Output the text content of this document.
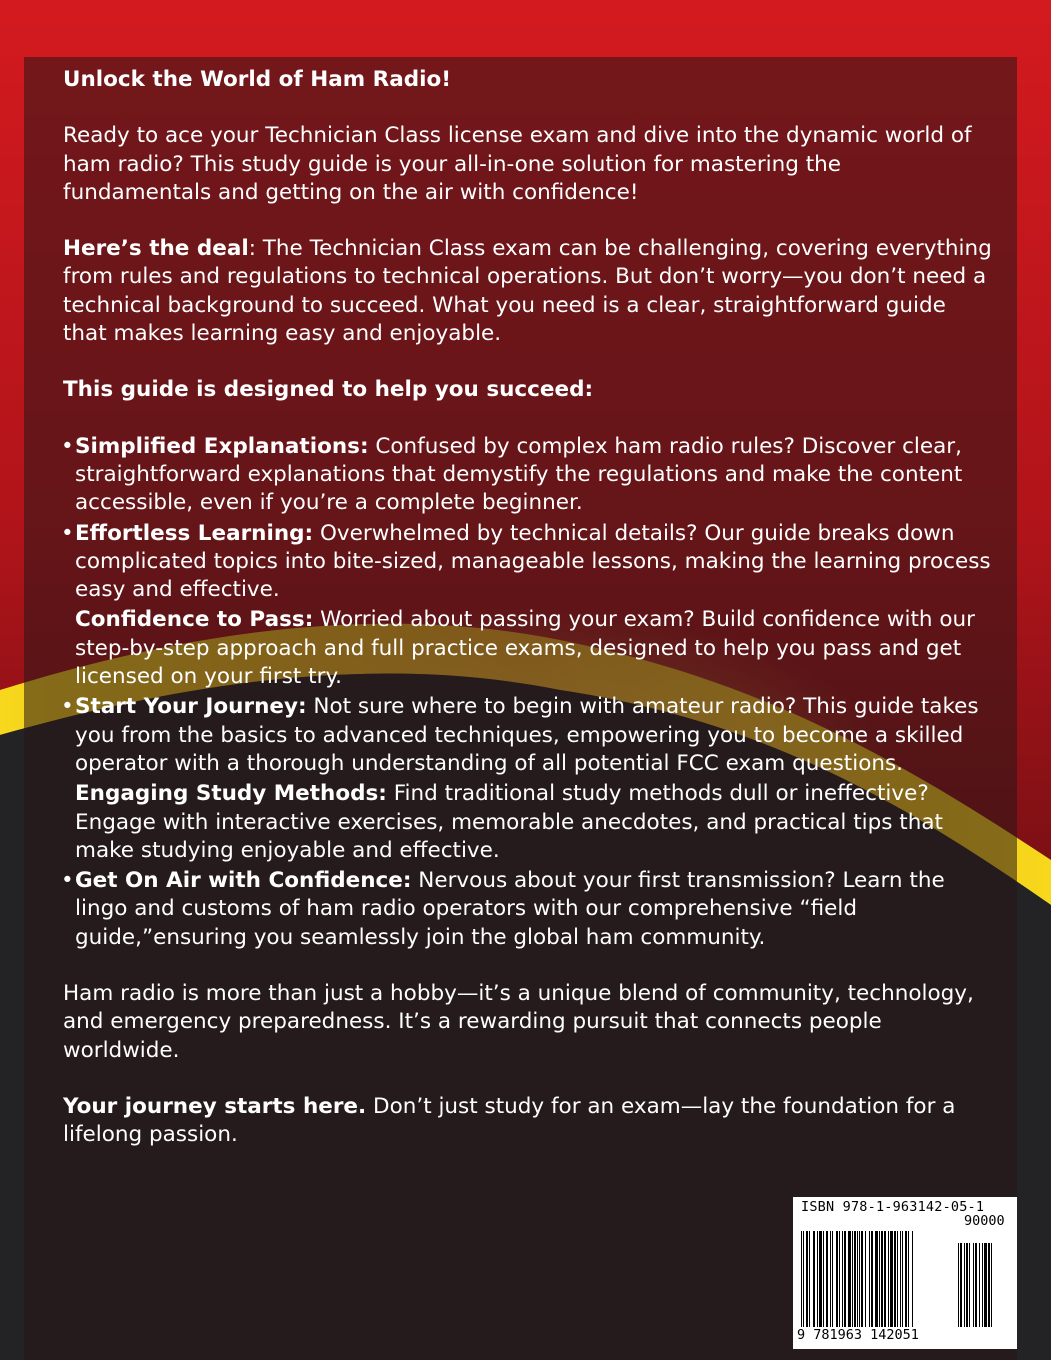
Unlock the World of Ham Radio!

Ready to ace your Technician Class license exam and dive into the dynamic world of ham radio? This study guide is your all-in-one solution for mastering the fundamentals and getting on the air with confidence!

Here’s the deal: The Technician Class exam can be challenging, covering everything from rules and regulations to technical operations. But don’t worry—you don’t need a technical background to succeed. What you need is a clear, straightforward guide that makes learning easy and enjoyable.

This guide is designed to help you succeed:

• Simplified Explanations: Confused by complex ham radio rules? Discover clear, straightforward explanations that demystify the regulations and make the content accessible, even if you’re a complete beginner.
• Effortless Learning: Overwhelmed by technical details? Our guide breaks down complicated topics into bite-sized, manageable lessons, making the learning process easy and effective.
Confidence to Pass: Worried about passing your exam? Build confidence with our step-by-step approach and full practice exams, designed to help you pass and get licensed on your first try.
• Start Your Journey: Not sure where to begin with amateur radio? This guide takes you from the basics to advanced techniques, empowering you to become a skilled operator with a thorough understanding of all potential FCC exam questions.
Engaging Study Methods: Find traditional study methods dull or ineffective? Engage with interactive exercises, memorable anecdotes, and practical tips that make studying enjoyable and effective.
• Get On Air with Confidence: Nervous about your first transmission? Learn the lingo and customs of ham radio operators with our comprehensive “field guide,”ensuring you seamlessly join the global ham community.

Ham radio is more than just a hobby—it’s a unique blend of community, technology, and emergency preparedness. It’s a rewarding pursuit that connects people worldwide.

Your journey starts here. Don’t just study for an exam—lay the foundation for a lifelong passion.

ISBN 978-1-963142-05-1
90000
9 781963 142051
